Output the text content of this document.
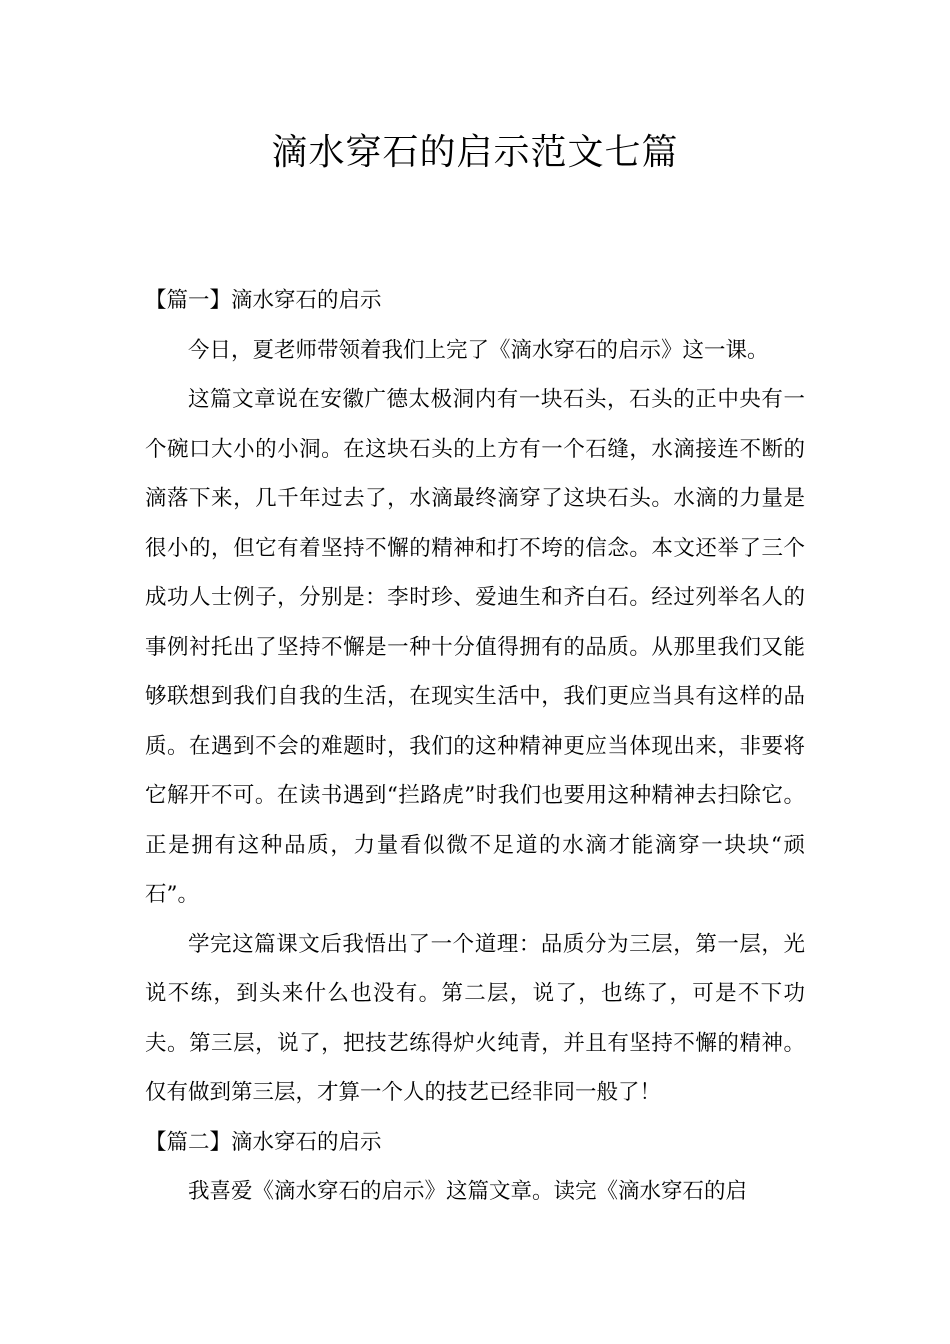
滴水穿石的启示范文七篇
【篇一】滴水穿石的启示

今日，夏老师带领着我们上完了《滴水穿石的启示》这一课。

这篇文章说在安徽广德太极洞内有一块石头，石头的正中央有一个碗口大小的小洞。在这块石头的上方有一个石缝，水滴接连不断的滴落下来，几千年过去了，水滴最终滴穿了这块石头。水滴的力量是很小的，但它有着坚持不懈的精神和打不垮的信念。本文还举了三个成功人士例子，分别是：李时珍、爱迪生和齐白石。经过列举名人的事例衬托出了坚持不懈是一种十分值得拥有的品质。从那里我们又能够联想到我们自我的生活，在现实生活中，我们更应当具有这样的品质。在遇到不会的难题时，我们的这种精神更应当体现出来，非要将它解开不可。在读书遇到“拦路虎”时我们也要用这种精神去扫除它。正是拥有这种品质，力量看似微不足道的水滴才能滴穿一块块“顽石”。

学完这篇课文后我悟出了一个道理：品质分为三层，第一层，光说不练，到头来什么也没有。第二层，说了，也练了，可是不下功夫。第三层，说了，把技艺练得炉火纯青，并且有坚持不懈的精神。仅有做到第三层，才算一个人的技艺已经非同一般了！

【篇二】滴水穿石的启示

我喜爱《滴水穿石的启示》这篇文章。读完《滴水穿石的启
